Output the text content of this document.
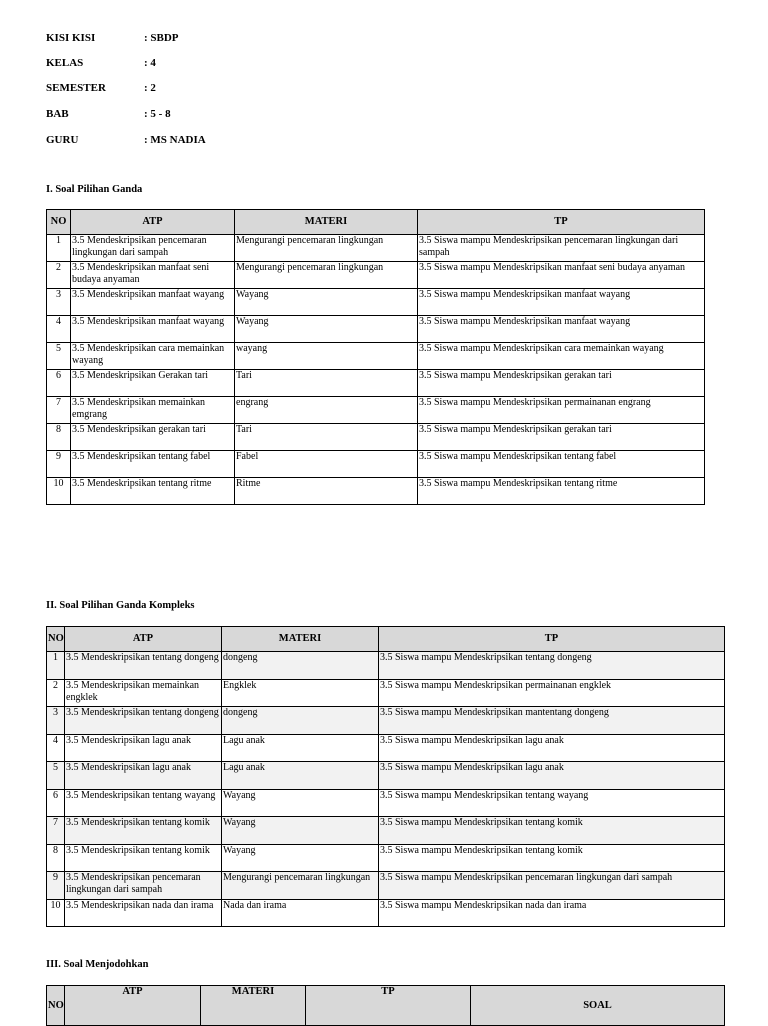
KISI KISI	: SBDP
KELAS	: 4
SEMESTER	: 2
BAB	: 5 - 8
GURU	: MS NADIA
I. Soal Pilihan Ganda
NO	ATP	MATERI	TP
1	3.5 Mendeskripsikan pencemaran lingkungan dari sampah	Mengurangi pencemaran lingkungan	3.5 Siswa mampu Mendeskripsikan pencemaran lingkungan dari sampah
2	3.5 Mendeskripsikan manfaat seni budaya anyaman	Mengurangi pencemaran lingkungan	3.5 Siswa mampu Mendeskripsikan manfaat seni budaya anyaman
3	3.5 Mendeskripsikan manfaat wayang	Wayang	3.5 Siswa mampu Mendeskripsikan manfaat wayang
4	3.5 Mendeskripsikan manfaat wayang	Wayang	3.5 Siswa mampu Mendeskripsikan manfaat wayang
5	3.5 Mendeskripsikan cara memainkan wayang	wayang	3.5 Siswa mampu Mendeskripsikan cara memainkan wayang
6	3.5 Mendeskripsikan Gerakan tari	Tari	3.5 Siswa mampu Mendeskripsikan gerakan tari
7	3.5 Mendeskripsikan memainkan emgrang	engrang	3.5 Siswa mampu Mendeskripsikan permainanan engrang
8	3.5 Mendeskripsikan gerakan tari	Tari	3.5 Siswa mampu Mendeskripsikan gerakan tari
9	3.5 Mendeskripsikan tentang fabel	Fabel	3.5 Siswa mampu Mendeskripsikan tentang fabel
10	3.5 Mendeskripsikan tentang ritme	Ritme	3.5 Siswa mampu Mendeskripsikan tentang ritme
II. Soal Pilihan Ganda Kompleks
NO	ATP	MATERI	TP
1	3.5 Mendeskripsikan tentang dongeng	dongeng	3.5 Siswa mampu Mendeskripsikan tentang dongeng
2	3.5 Mendeskripsikan memainkan engklek	Engklek	3.5 Siswa mampu Mendeskripsikan permainanan engklek
3	3.5 Mendeskripsikan tentang dongeng	dongeng	3.5 Siswa mampu Mendeskripsikan mantentang dongeng
4	3.5 Mendeskripsikan lagu anak	Lagu anak	3.5 Siswa mampu Mendeskripsikan lagu anak
5	3.5 Mendeskripsikan lagu anak	Lagu anak	3.5 Siswa mampu Mendeskripsikan lagu anak
6	3.5 Mendeskripsikan tentang wayang	Wayang	3.5 Siswa mampu Mendeskripsikan tentang wayang
7	3.5 Mendeskripsikan tentang komik	Wayang	3.5 Siswa mampu Mendeskripsikan tentang komik
8	3.5 Mendeskripsikan tentang komik	Wayang	3.5 Siswa mampu Mendeskripsikan tentang komik
9	3.5 Mendeskripsikan pencemaran lingkungan dari sampah	Mengurangi pencemaran lingkungan	3.5 Siswa mampu Mendeskripsikan pencemaran lingkungan dari sampah
10	3.5 Mendeskripsikan nada dan irama	Nada dan irama	3.5 Siswa mampu Mendeskripsikan nada dan irama
III. Soal Menjodohkan
NO	ATP	MATERI	TP	SOAL
